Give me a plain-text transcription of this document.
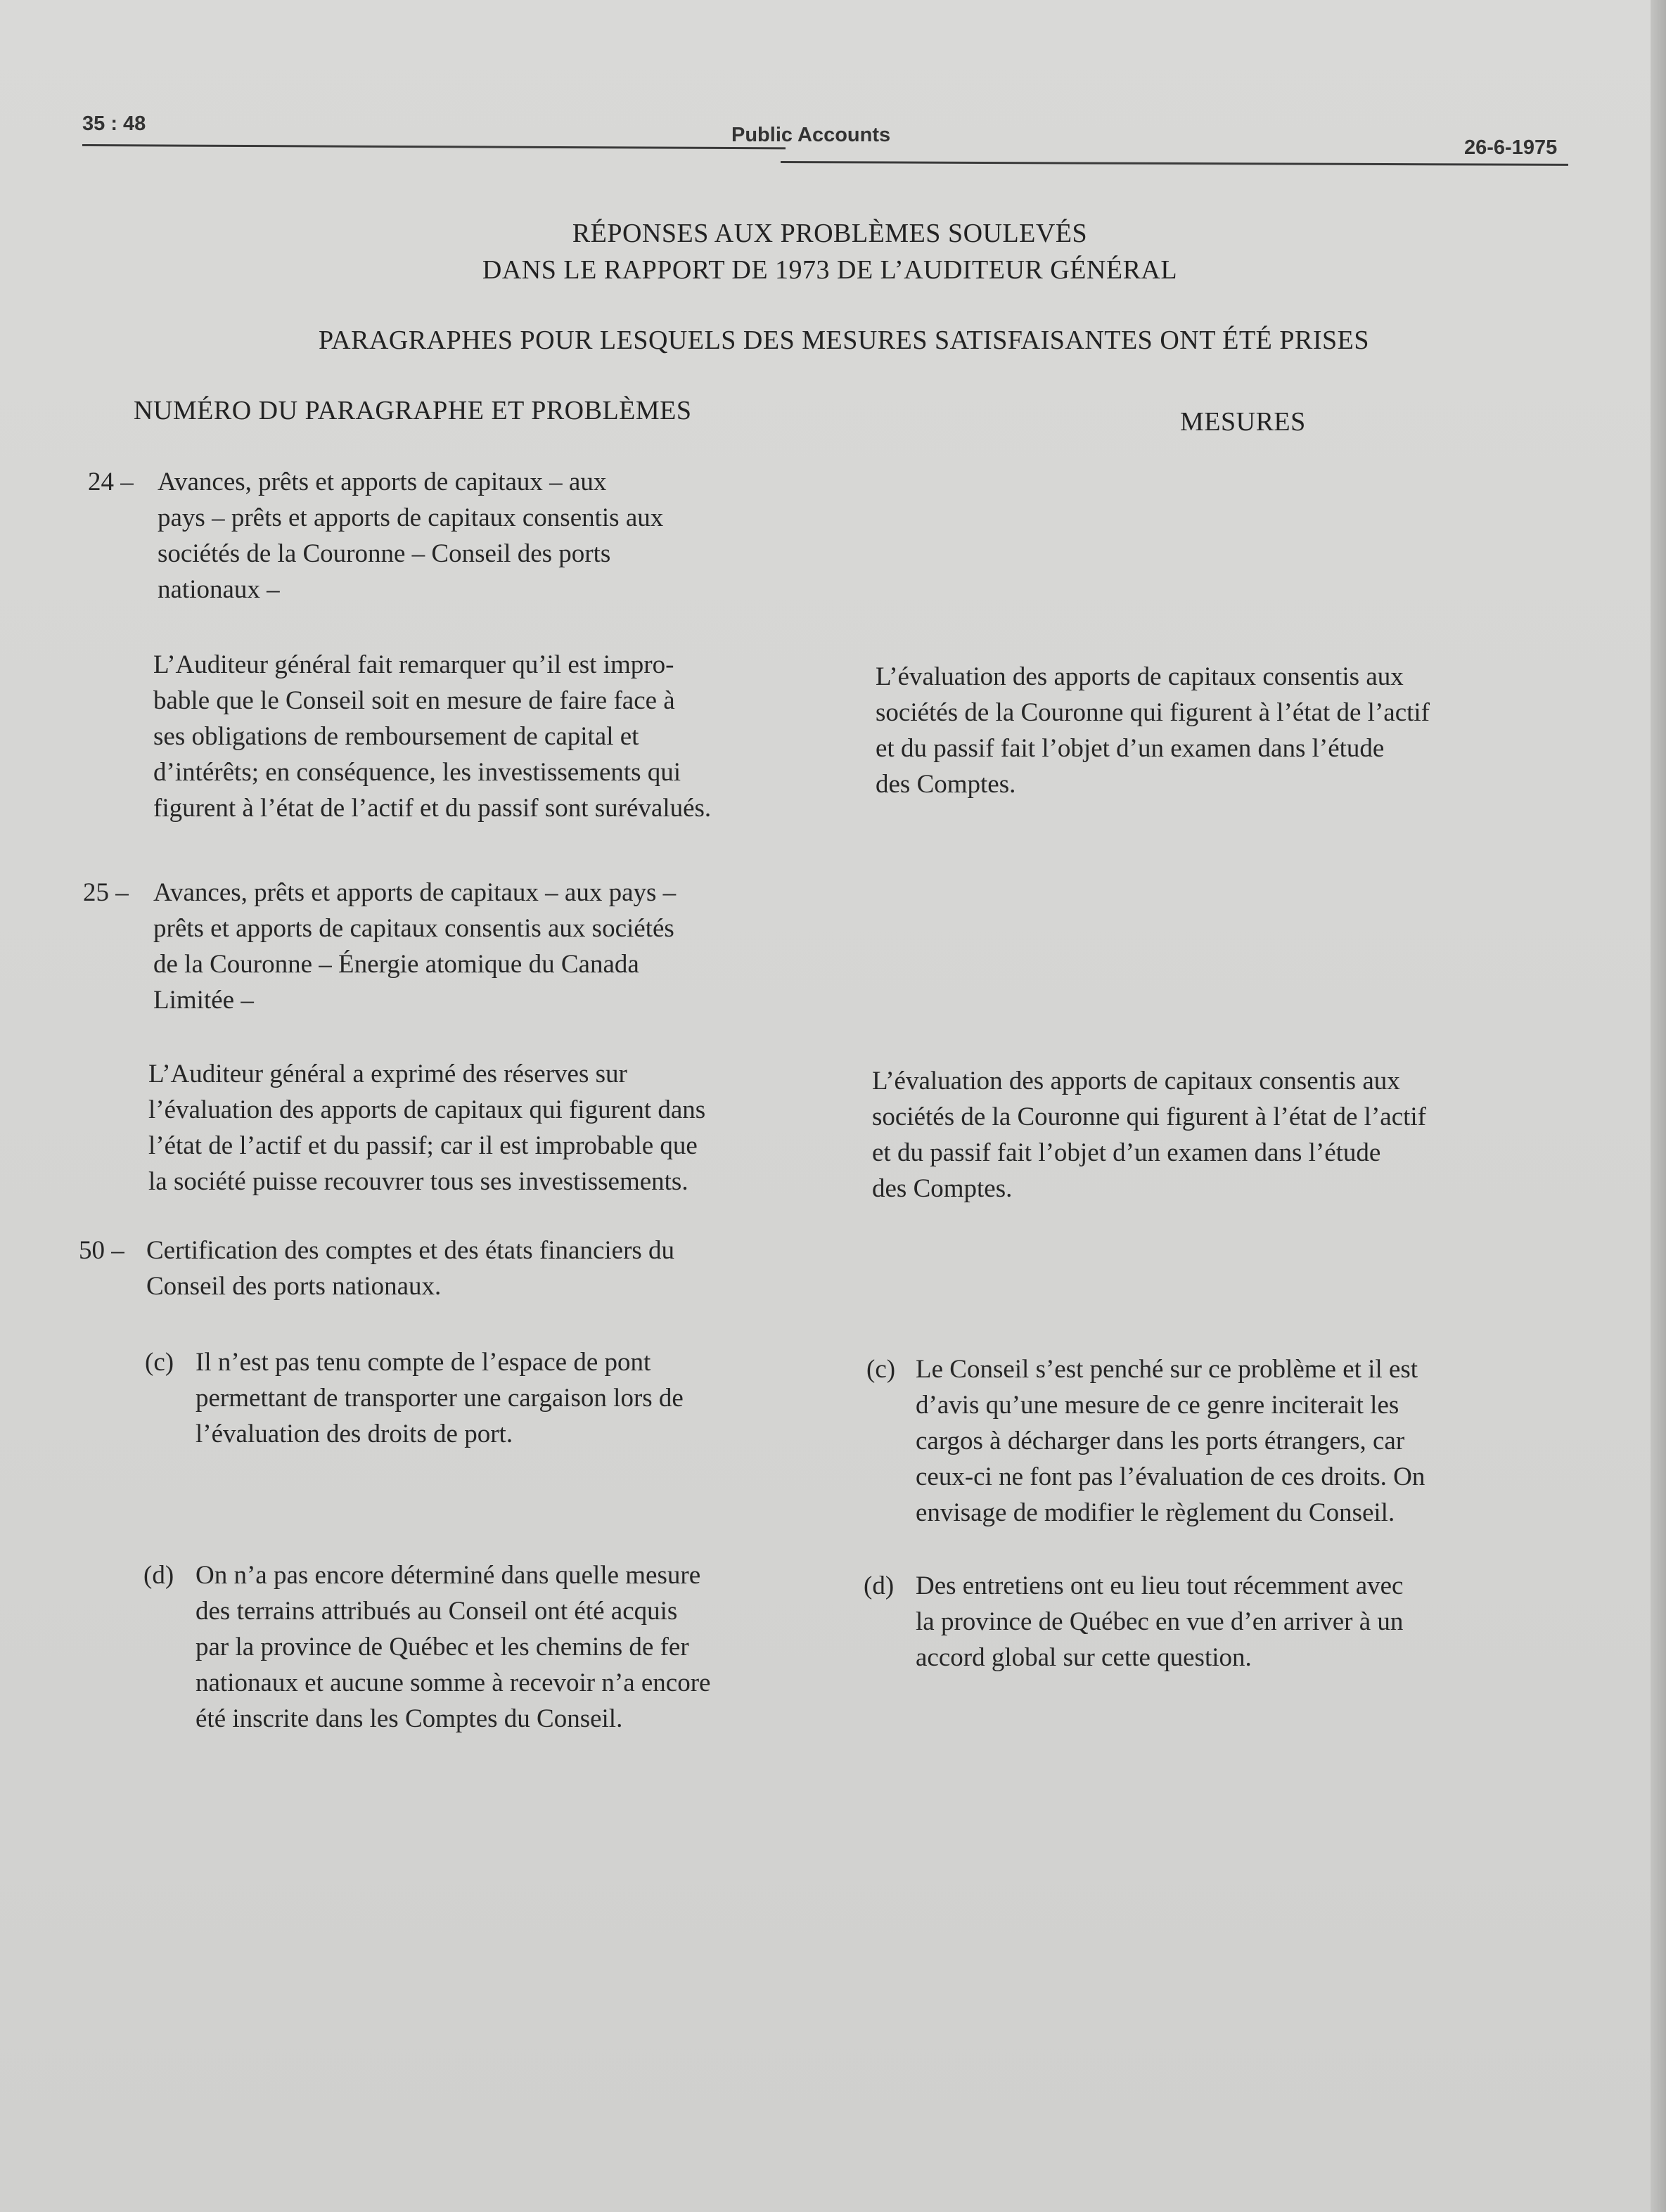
35 : 48	Public Accounts
26-6-1975
RÉPONSES AUX PROBLÈMES SOULEVÉS
DANS LE RAPPORT DE 1973 DE L’AUDITEUR GÉNÉRAL
PARAGRAPHES POUR LESQUELS DES MESURES SATISFAISANTES ONT ÉTÉ PRISES
NUMÉRO DU PARAGRAPHE ET PROBLÈMES	MESURES
24 – Avances, prêts et apports de capitaux – aux
pays – prêts et apports de capitaux consentis aux
sociétés de la Couronne – Conseil des ports
nationaux –
L’Auditeur général fait remarquer qu’il est impro-
bable que le Conseil soit en mesure de faire face à
ses obligations de remboursement de capital et
d’intérêts; en conséquence, les investissements qui
figurent à l’état de l’actif et du passif sont surévalués.
L’évaluation des apports de capitaux consentis aux
sociétés de la Couronne qui figurent à l’état de l’actif
et du passif fait l’objet d’un examen dans l’étude
des Comptes.
25 – Avances, prêts et apports de capitaux – aux pays –
prêts et apports de capitaux consentis aux sociétés
de la Couronne – Énergie atomique du Canada
Limitée –
L’Auditeur général a exprimé des réserves sur
l’évaluation des apports de capitaux qui figurent dans
l’état de l’actif et du passif; car il est improbable que
la société puisse recouvrer tous ses investissements.
L’évaluation des apports de capitaux consentis aux
sociétés de la Couronne qui figurent à l’état de l’actif
et du passif fait l’objet d’un examen dans l’étude
des Comptes.
50 – Certification des comptes et des états financiers du
Conseil des ports nationaux.
(c) Il n’est pas tenu compte de l’espace de pont
permettant de transporter une cargaison lors de
l’évaluation des droits de port.
(c) Le Conseil s’est penché sur ce problème et il est
d’avis qu’une mesure de ce genre inciterait les
cargos à décharger dans les ports étrangers, car
ceux-ci ne font pas l’évaluation de ces droits. On
envisage de modifier le règlement du Conseil.
(d) On n’a pas encore déterminé dans quelle mesure
des terrains attribués au Conseil ont été acquis
par la province de Québec et les chemins de fer
nationaux et aucune somme à recevoir n’a encore
été inscrite dans les Comptes du Conseil.
(d) Des entretiens ont eu lieu tout récemment avec
la province de Québec en vue d’en arriver à un
accord global sur cette question.
